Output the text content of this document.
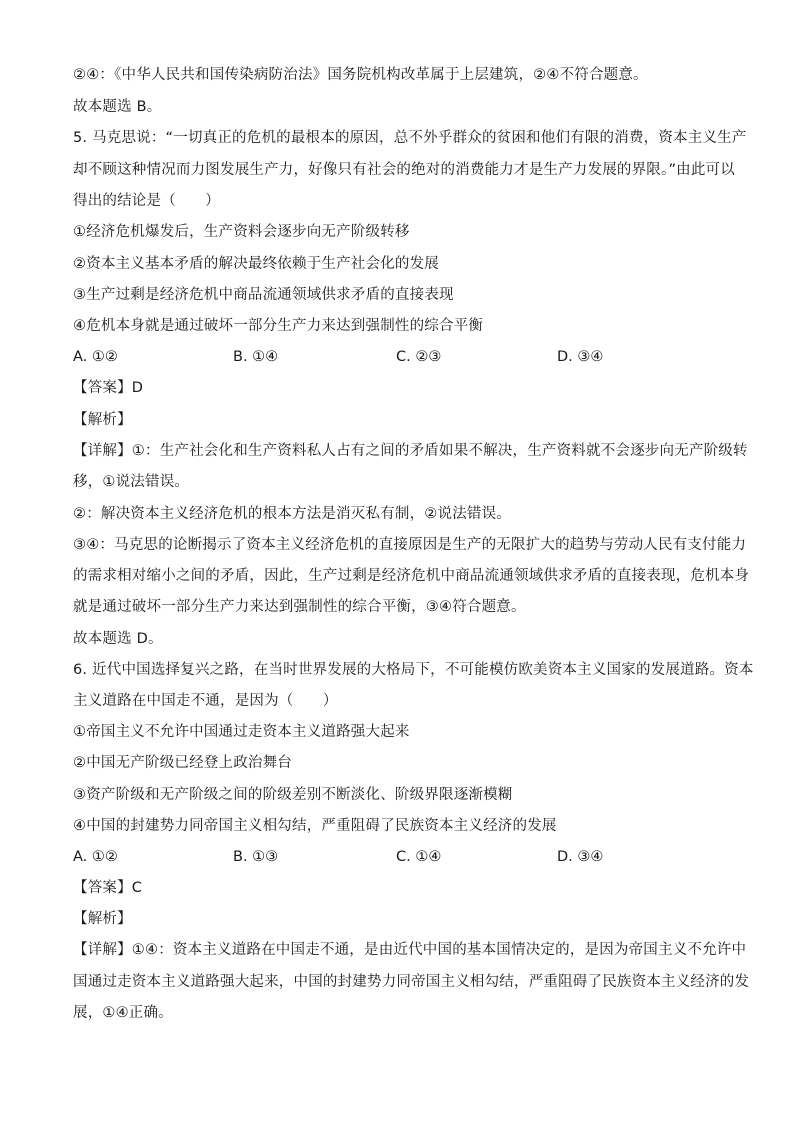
②④：《中华人民共和国传染病防治法》国务院机构改革属于上层建筑，②④不符合题意。
故本题选 B。
5. 马克思说：“一切真正的危机的最根本的原因，总不外乎群众的贫困和他们有限的消费，资本主义生产
却不顾这种情况而力图发展生产力，好像只有社会的绝对的消费能力才是生产力发展的界限。”由此可以
得出的结论是（　　）
①经济危机爆发后，生产资料会逐步向无产阶级转移
②资本主义基本矛盾的解决最终依赖于生产社会化的发展
③生产过剩是经济危机中商品流通领域供求矛盾的直接表现
④危机本身就是通过破坏一部分生产力来达到强制性的综合平衡
A. ①②	B. ①④	C. ②③	D. ③④
【答案】D
【解析】
【详解】①：生产社会化和生产资料私人占有之间的矛盾如果不解决，生产资料就不会逐步向无产阶级转
移，①说法错误。
②：解决资本主义经济危机的根本方法是消灭私有制，②说法错误。
③④：马克思的论断揭示了资本主义经济危机的直接原因是生产的无限扩大的趋势与劳动人民有支付能力
的需求相对缩小之间的矛盾，因此，生产过剩是经济危机中商品流通领域供求矛盾的直接表现，危机本身
就是通过破坏一部分生产力来达到强制性的综合平衡，③④符合题意。
故本题选 D。
6. 近代中国选择复兴之路，在当时世界发展的大格局下，不可能模仿欧美资本主义国家的发展道路。资本
主义道路在中国走不通，是因为（　　）
①帝国主义不允许中国通过走资本主义道路强大起来
②中国无产阶级已经登上政治舞台
③资产阶级和无产阶级之间的阶级差别不断淡化、阶级界限逐渐模糊
④中国的封建势力同帝国主义相勾结，严重阻碍了民族资本主义经济的发展
A. ①②	B. ①③	C. ①④	D. ③④
【答案】C
【解析】
【详解】①④：资本主义道路在中国走不通，是由近代中国的基本国情决定的，是因为帝国主义不允许中
国通过走资本主义道路强大起来，中国的封建势力同帝国主义相勾结，严重阻碍了民族资本主义经济的发
展，①④正确。
